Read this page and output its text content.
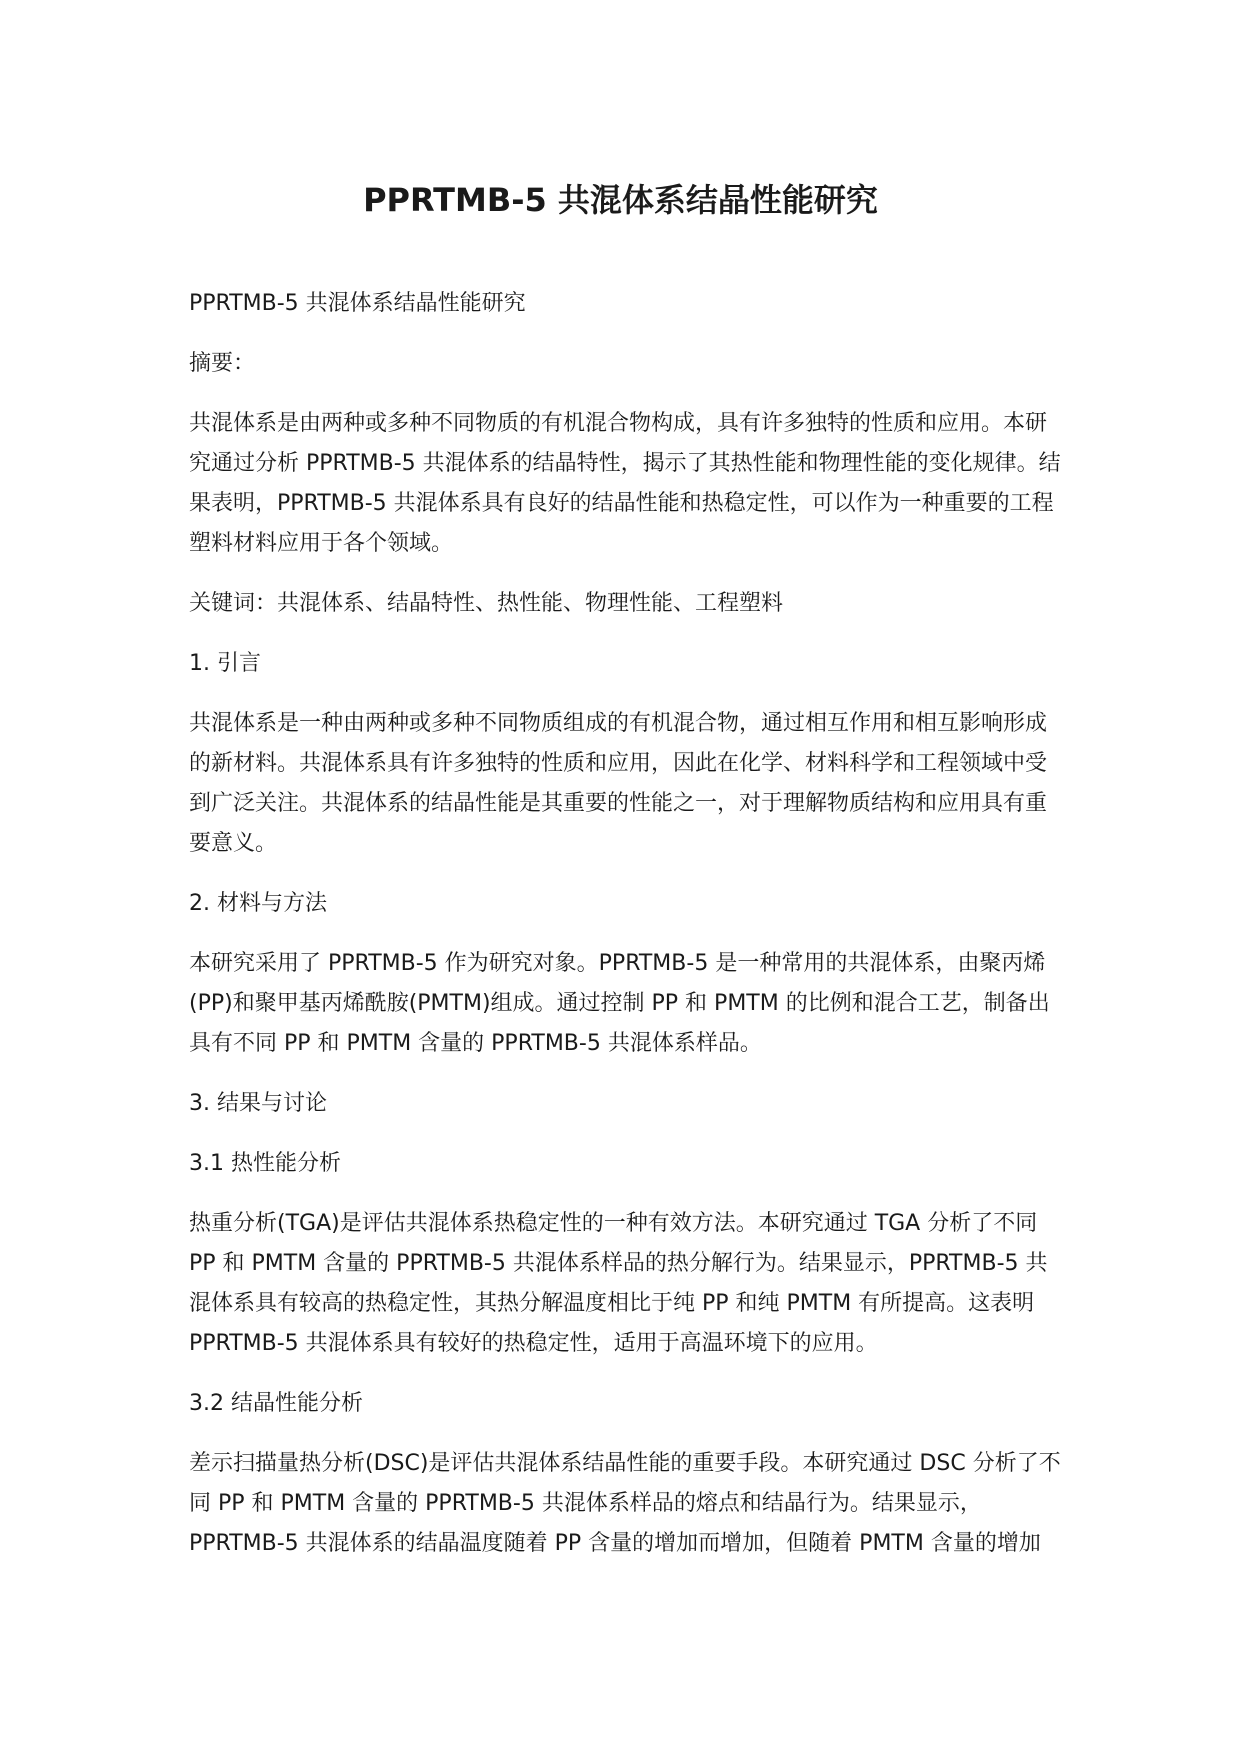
PPRTMB-5 共混体系结晶性能研究

PPRTMB-5 共混体系结晶性能研究

摘要：

共混体系是由两种或多种不同物质的有机混合物构成，具有许多独特的性质和应用。本研究通过分析 PPRTMB-5 共混体系的结晶特性，揭示了其热性能和物理性能的变化规律。结果表明，PPRTMB-5 共混体系具有良好的结晶性能和热稳定性，可以作为一种重要的工程塑料材料应用于各个领域。

关键词：共混体系、结晶特性、热性能、物理性能、工程塑料

1. 引言

共混体系是一种由两种或多种不同物质组成的有机混合物，通过相互作用和相互影响形成的新材料。共混体系具有许多独特的性质和应用，因此在化学、材料科学和工程领域中受到广泛关注。共混体系的结晶性能是其重要的性能之一，对于理解物质结构和应用具有重要意义。

2. 材料与方法

本研究采用了 PPRTMB-5 作为研究对象。PPRTMB-5 是一种常用的共混体系，由聚丙烯(PP)和聚甲基丙烯酰胺(PMTM)组成。通过控制 PP 和 PMTM 的比例和混合工艺，制备出具有不同 PP 和 PMTM 含量的 PPRTMB-5 共混体系样品。

3. 结果与讨论

3.1 热性能分析

热重分析(TGA)是评估共混体系热稳定性的一种有效方法。本研究通过 TGA 分析了不同 PP 和 PMTM 含量的 PPRTMB-5 共混体系样品的热分解行为。结果显示，PPRTMB-5 共混体系具有较高的热稳定性，其热分解温度相比于纯 PP 和纯 PMTM 有所提高。这表明 PPRTMB-5 共混体系具有较好的热稳定性，适用于高温环境下的应用。

3.2 结晶性能分析

差示扫描量热分析(DSC)是评估共混体系结晶性能的重要手段。本研究通过 DSC 分析了不同 PP 和 PMTM 含量的 PPRTMB-5 共混体系样品的熔点和结晶行为。结果显示，PPRTMB-5 共混体系的结晶温度随着 PP 含量的增加而增加，但随着 PMTM 含量的增加
